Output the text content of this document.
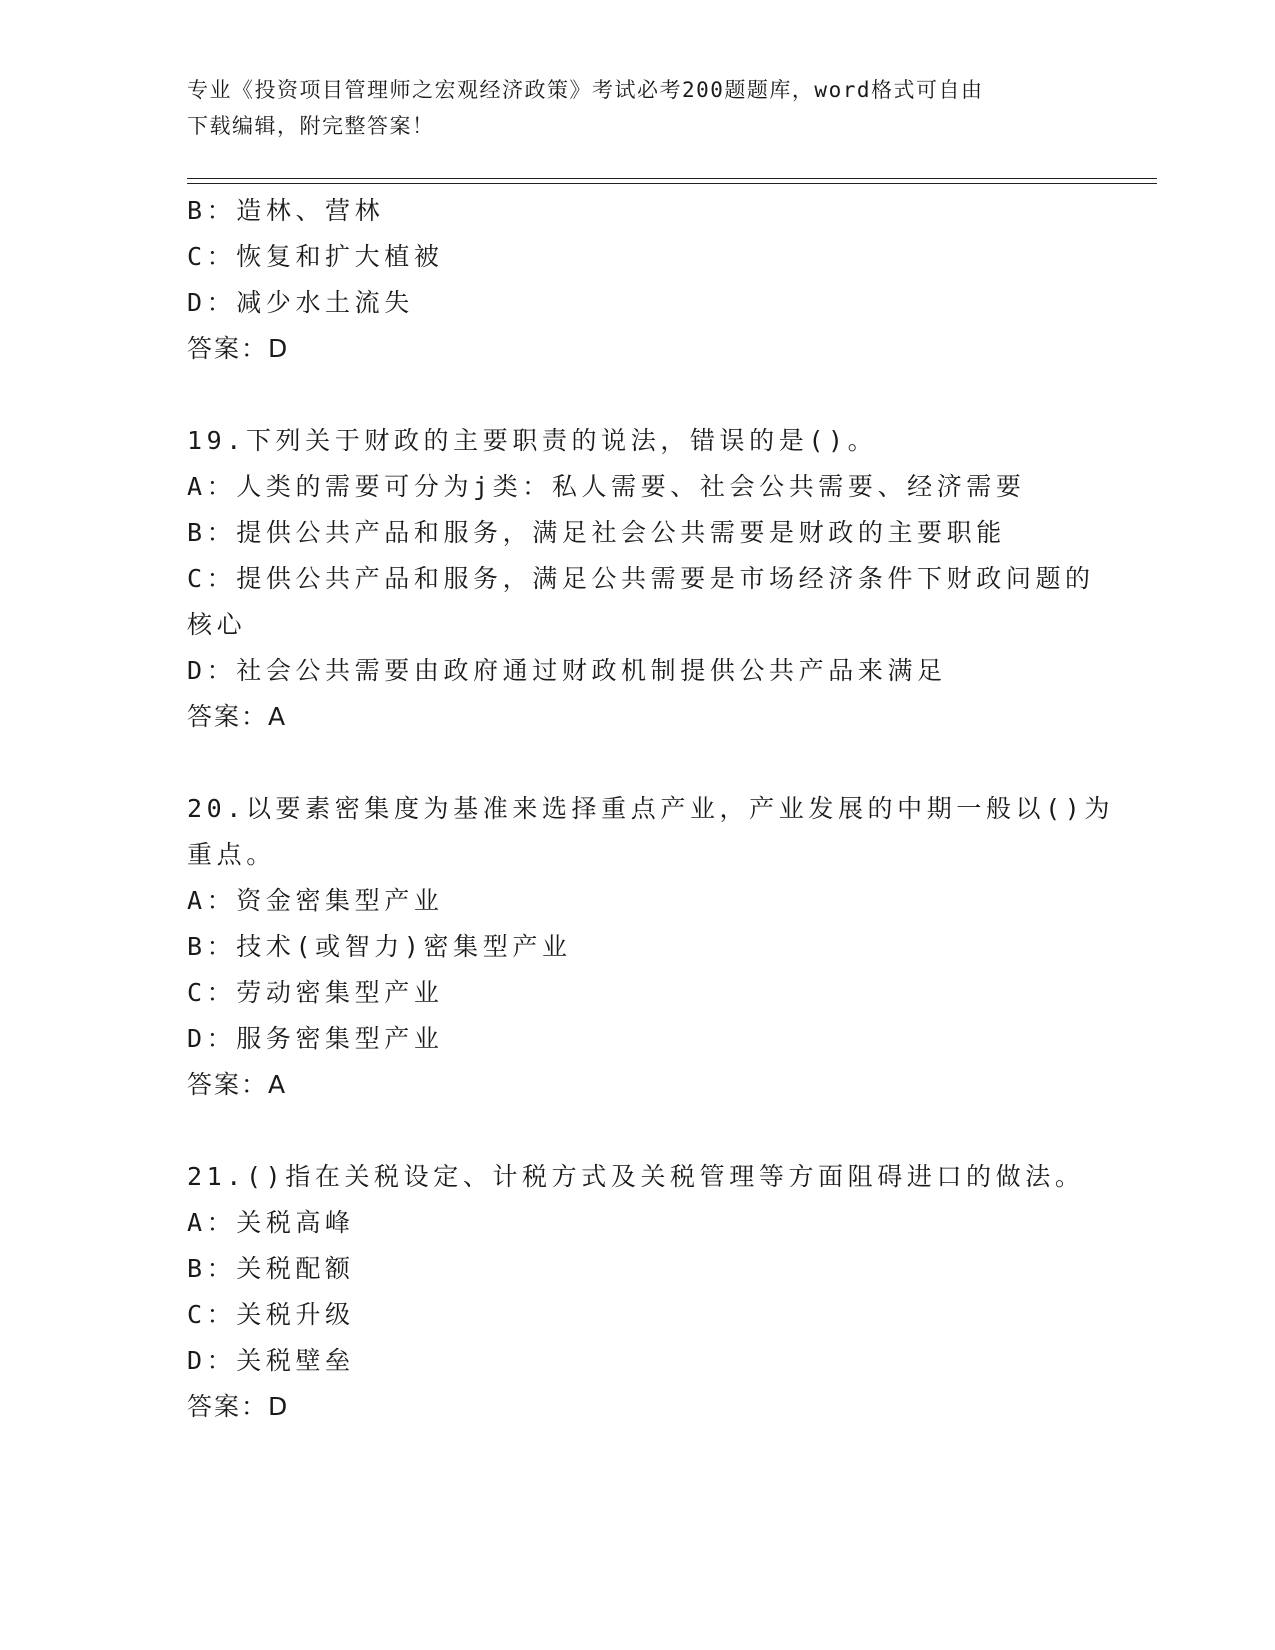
专业《投资项目管理师之宏观经济政策》考试必考200题题库，word格式可自由
下载编辑，附完整答案！
B：造林、营林
C：恢复和扩大植被
D：减少水土流失
答案：D
19.下列关于财政的主要职责的说法，错误的是()。
A：人类的需要可分为j类：私人需要、社会公共需要、经济需要
B：提供公共产品和服务，满足社会公共需要是财政的主要职能
C：提供公共产品和服务，满足公共需要是市场经济条件下财政问题的
核心
D：社会公共需要由政府通过财政机制提供公共产品来满足
答案：A
20.以要素密集度为基准来选择重点产业，产业发展的中期一般以()为
重点。
A：资金密集型产业
B：技术(或智力)密集型产业
C：劳动密集型产业
D：服务密集型产业
答案：A
21.()指在关税设定、计税方式及关税管理等方面阻碍进口的做法。
A：关税高峰
B：关税配额
C：关税升级
D：关税壁垒
答案：D
